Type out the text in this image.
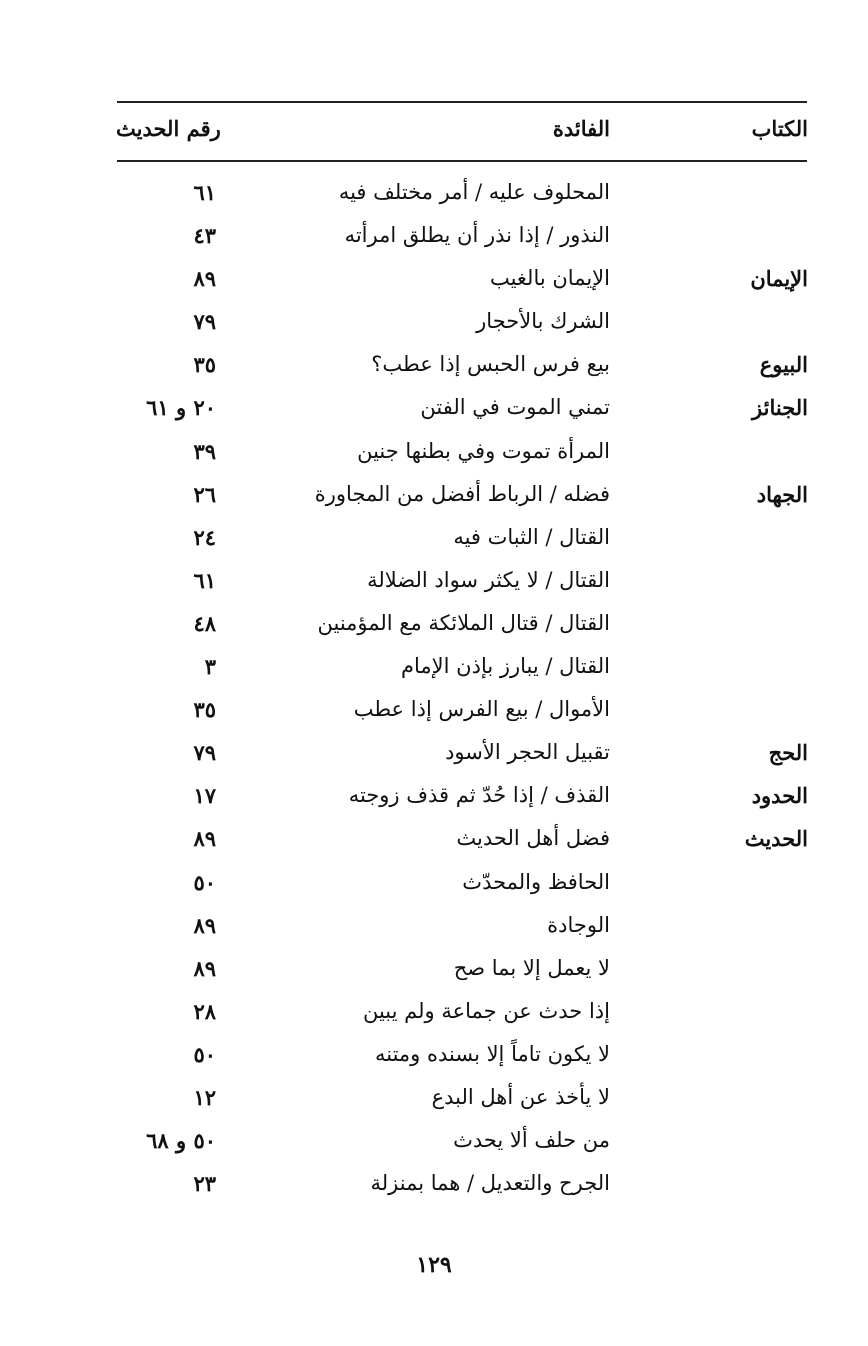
الكتاب
الفائدة
رقم الحديث
المحلوف عليه / أمر مختلف فيه
٦١
النذور / إذا نذر أن يطلق امرأته
٤٣
الإيمان
الإيمان بالغيب
٨٩
الشرك بالأحجار
٧٩
البيوع
بيع فرس الحبس إذا عطب؟
٣٥
الجنائز
تمني الموت في الفتن
٢٠ و ٦١
المرأة تموت وفي بطنها جنين
٣٩
الجهاد
فضله / الرباط أفضل من المجاورة
٢٦
القتال / الثبات فيه
٢٤
القتال / لا يكثر سواد الضلالة
٦١
القتال / قتال الملائكة مع المؤمنين
٤٨
القتال / يبارز بإذن الإمام
٣
الأموال / بيع الفرس إذا عطب
٣٥
الحج
تقبيل الحجر الأسود
٧٩
الحدود
القذف / إذا حُدّ ثم قذف زوجته
١٧
الحديث
فضل أهل الحديث
٨٩
الحافظ والمحدّث
٥٠
الوجادة
٨٩
لا يعمل إلا بما صح
٨٩
إذا حدث عن جماعة ولم يبين
٢٨
لا يكون تاماً إلا بسنده ومتنه
٥٠
لا يأخذ عن أهل البدع
١٢
من حلف ألا يحدث
٥٠ و ٦٨
الجرح والتعديل / هما بمنزلة
٢٣
١٢٩
